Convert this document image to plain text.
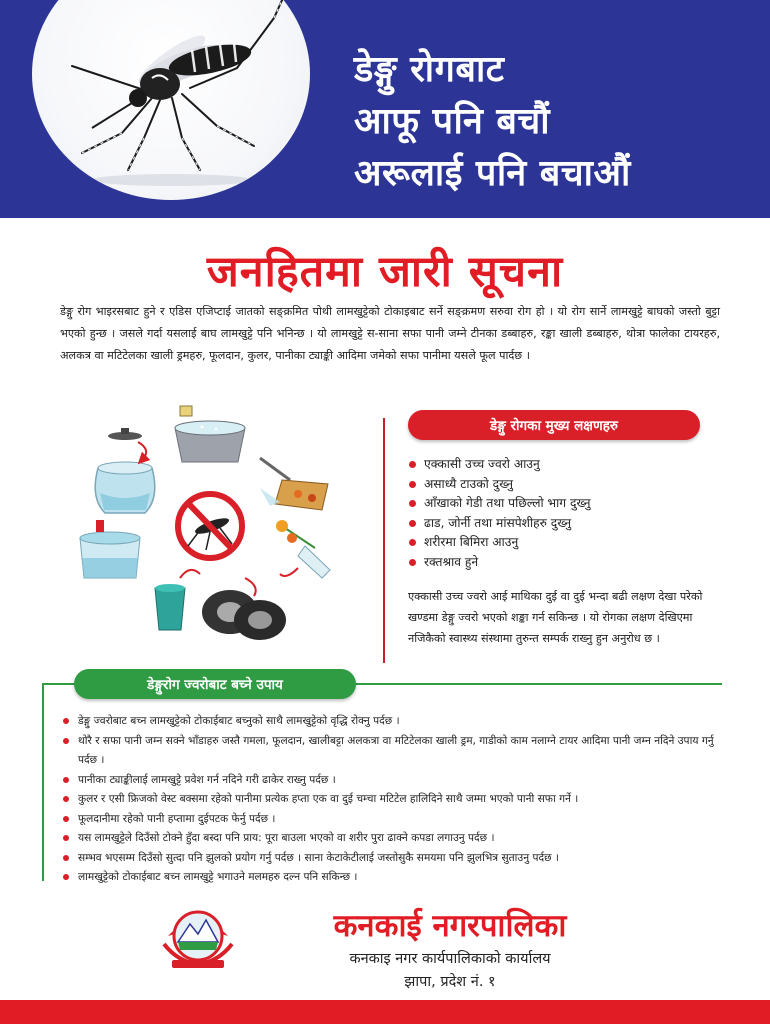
डेङ्गु रोगबाट
आफू पनि बचौं
अरूलाई पनि बचाऔं
जनहितमा जारी सूचना

डेङ्गु रोग भाइरसबाट हुने र एडिस एजिप्टाई जातको सङ्क्रमित पोथी लामखुट्टेको टोकाइबाट सर्ने सङ्क्रमण सरुवा रोग हो । यो रोग सार्ने लामखुट्टे बाघको जस्तो बुट्टा भएको हुन्छ । जसले गर्दा यसलाई बाघ लामखुट्टे पनि भनिन्छ । यो लामखुट्टे स-साना सफा पानी जम्ने टीनका डब्बाहरु, रङ्का खाली डब्बाहरु, थोत्रा फालेका टायरहरु, अलकत्र वा मटिटेलका खाली ड्रमहरु, फूलदान, कुलर, पानीका ट्याङ्की आदिमा जमेको सफा पानीमा यसले फूल पार्दछ ।

डेङ्गु रोगका मुख्य लक्षणहरु
एक्कासी उच्च ज्वरो आउनु
असाध्यै टाउको दुख्नु
आँखाको गेडी तथा पछिल्लो भाग दुख्नु
ढाड, जोर्नी तथा मांसपेशीहरु दुख्नु
शरीरमा बिमिरा आउनु
रक्तश्राव हुने

एक्कासी उच्च ज्वरो आई माथिका दुई वा दुई भन्दा बढी लक्षण देखा परेको खण्डमा डेङ्गु ज्वरो भएको शङ्का गर्न सकिन्छ । यो रोगका लक्षण देखिएमा नजिकैको स्वास्थ्य संस्थामा तुरुन्त सम्पर्क राख्नु हुन अनुरोध छ ।

डेङ्गुरोग ज्वरोबाट बच्ने उपाय
डेङ्गु ज्वरोबाट बच्न लामखुट्टेको टोकाईबाट बच्नुको साथै लामखुट्टेको वृद्धि रोक्नु पर्दछ ।
थोरै र सफा पानी जम्न सक्ने भाँडाहरु जस्तै गमला, फूलदान, खालीबट्टा अलकत्रा वा मटिटेलका खाली ड्रम, गाडीको काम नलाग्ने टायर आदिमा पानी जम्न नदिने उपाय गर्नु पर्दछ ।
पानीका ट्याङ्कीलाई लामखुट्टे प्रवेश गर्न नदिने गरी ढाकेर राख्नु पर्दछ ।
कुलर र एसी फ्रिजको वेस्ट बक्समा रहेको पानीमा प्रत्येक हप्ता एक वा दुई चम्चा मटिटेल हालिदिने साथै जम्मा भएको पानी सफा गर्ने ।
फूलदानीमा रहेको पानी हप्तामा दुईपटक फेर्नु पर्दछ ।
यस लामखुट्टेले दिउँसो टोक्ने हुँदा बस्दा पनि प्राय: पूरा बाउला भएको वा शरीर पुरा ढाक्ने कपडा लगाउनु पर्दछ ।
सम्भव भएसम्म दिउँसो सुत्दा पनि झुलको प्रयोग गर्नु पर्दछ । साना केटाकेटीलाई जस्तोसुकै समयमा पनि झुलभित्र सुताउनु पर्दछ ।
लामखुट्टेको टोकाईबाट बच्न लामखुट्टे भगाउने मलमहरु दल्न पनि सकिन्छ ।
कनकाई नगरपालिका
कनकाइ नगर कार्यपालिकाको कार्यालय
झापा, प्रदेश नं. १
